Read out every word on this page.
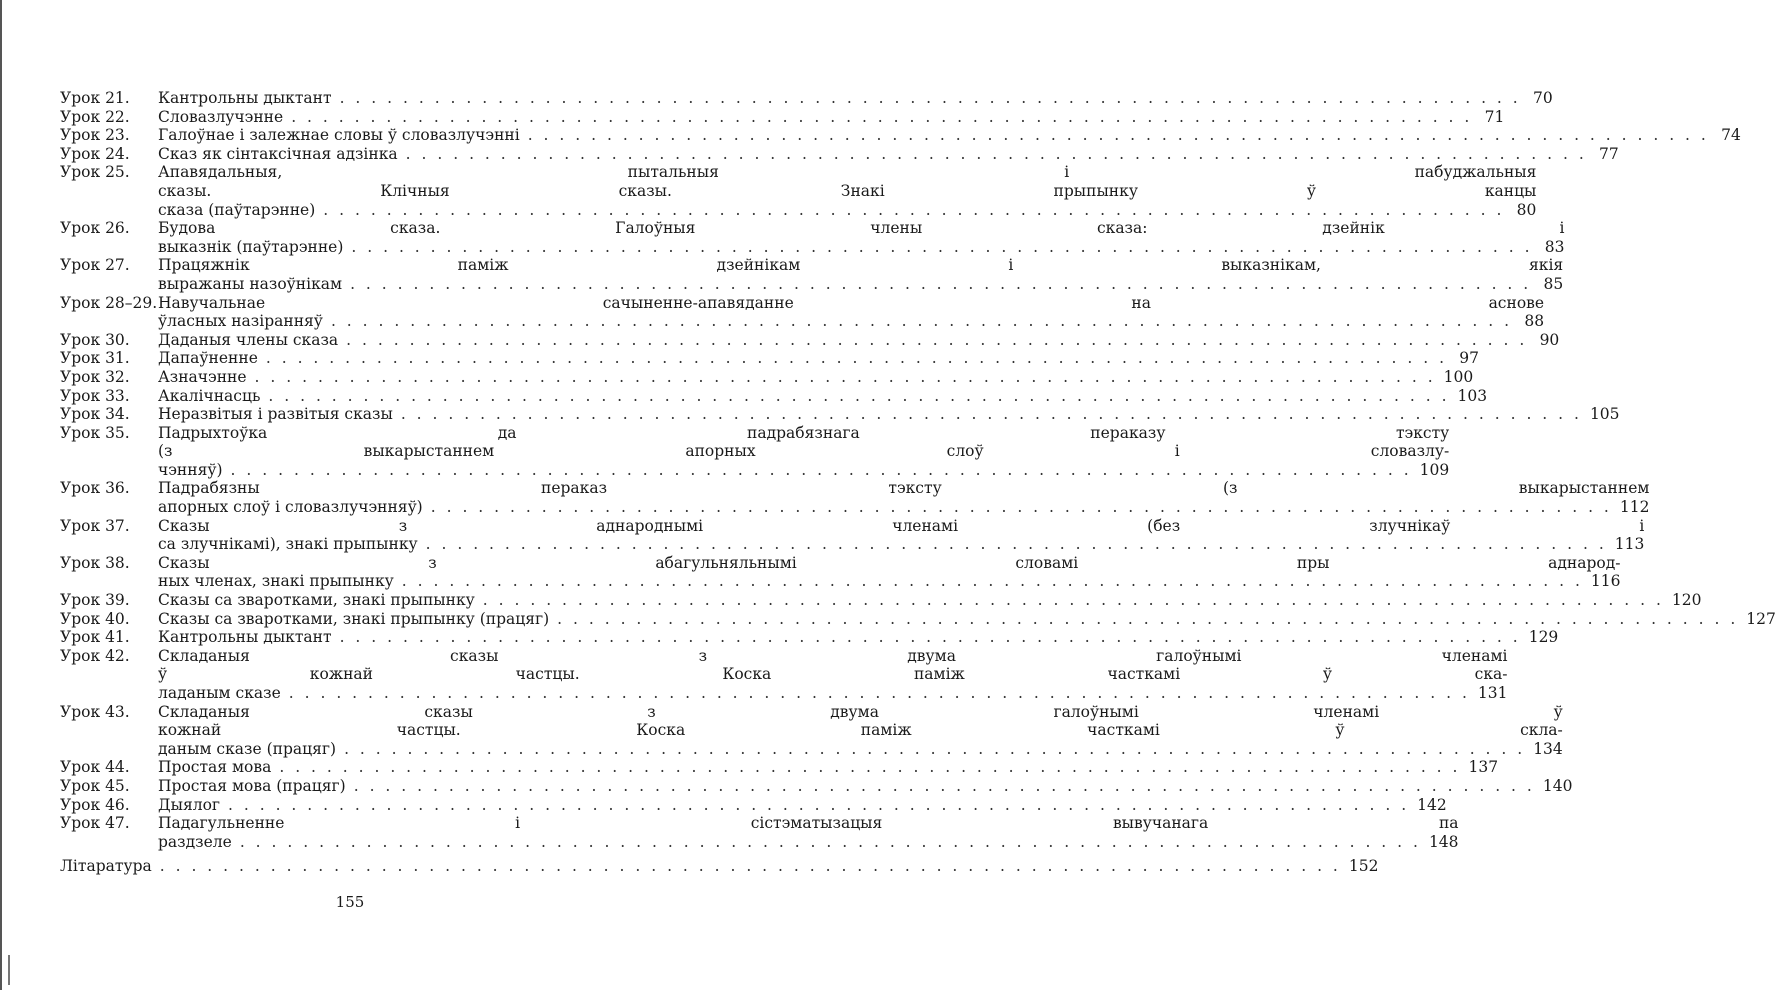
Урок 21.	Кантрольны дыктант . . .	70
Урок 22.	Словазлучэнне . . .	71
Урок 23.	Галоўнае і залежнае словы ў словазлучэнні . . .	74
Урок 24.	Сказ як сінтаксічная адзінка . . .	77
Урок 25.	Апавядальныя, пытальныя і пабуджальныя
сказы. Клічныя сказы. Знакі прыпынку ў канцы
сказа (паўтарэнне) . . .	80
Урок 26.	Будова сказа. Галоўныя члены сказа: дзейнік і
выказнік (паўтарэнне) . . .	83
Урок 27.	Працяжнік паміж дзейнікам і выказнікам, якія
выражаны назоўнікам . . .	85
Урок 28–29. Навучальнае сачыненне-апавяданне на аснове
ўласных назіранняў . . .	88
Урок 30.	Даданыя члены сказа . . .	90
Урок 31.	Дапаўненне . . .	97
Урок 32.	Азначэнне . . .	100
Урок 33.	Акалічнасць . . .	103
Урок 34.	Неразвітыя і развітыя сказы . . .	105
Урок 35.	Падрыхтоўка да падрабязнага пераказу тэксту
(з выкарыстаннем апорных слоў і словазлу-
чэнняў) . . .	109
Урок 36.	Падрабязны пераказ тэксту (з выкарыстаннем
апорных слоў і словазлучэнняў) . . .	112
Урок 37.	Сказы з аднароднымі членамі (без злучнікаў і
са злучнікамі), знакі прыпынку . . .	113
Урок 38.	Сказы з абагульняльнымі словамі пры аднарод-
ных членах, знакі прыпынку . . .	116
Урок 39.	Сказы са зваротками, знакі прыпынку . . .	120
Урок 40.	Сказы са зваротками, знакі прыпынку (працяг) . . .	127
Урок 41.	Кантрольны дыктант . . .	129
Урок 42.	Складаныя сказы з двума галоўнымі членамі
ў кожнай частцы. Коска паміж часткамі ў ска-
ладаным сказе . . .	131
Урок 43.	Складаныя сказы з двума галоўнымі членамі ў
кожнай частцы. Коска паміж часткамі ў скла-
даным сказе (працяг) . . .	134
Урок 44.	Простая мова . . .	137
Урок 45.	Простая мова (працяг) . . .	140
Урок 46.	Дыялог . . .	142
Урок 47.	Падагульненне і сістэматызацыя вывучанага па
раздзеле . . .	148
Літаратура . . .	152
155
